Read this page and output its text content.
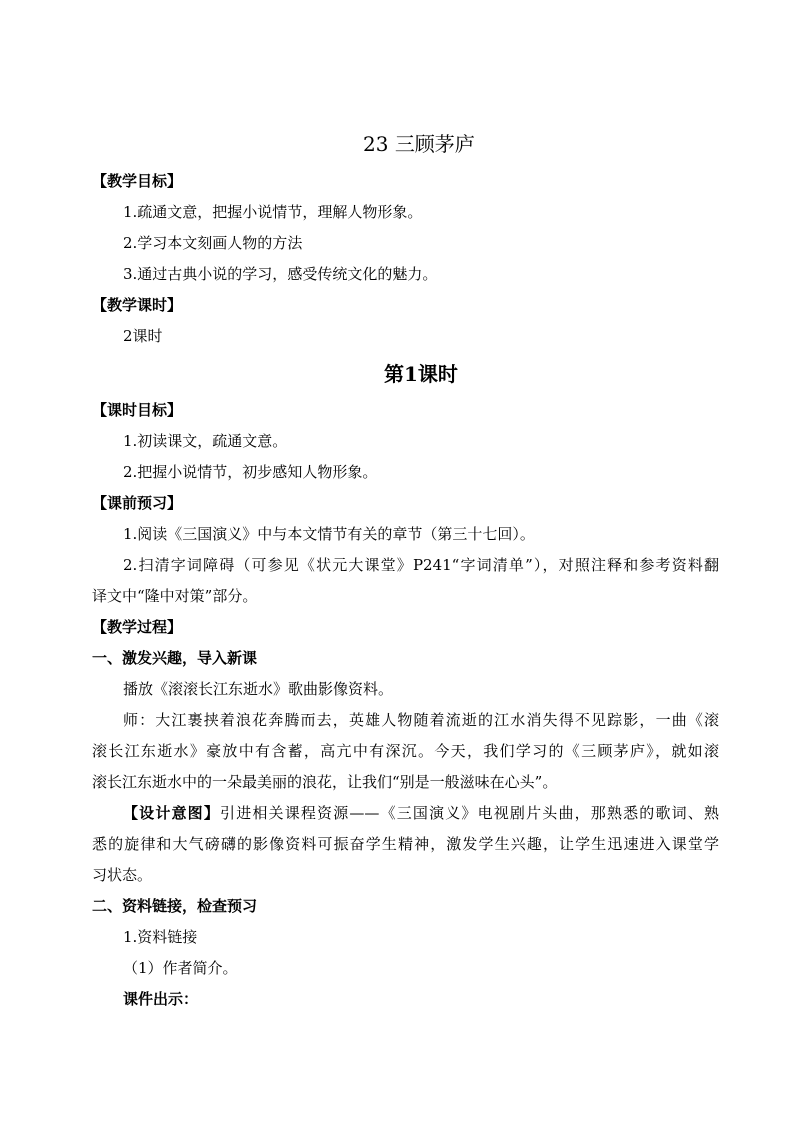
23 三顾茅庐
【教学目标】
1.疏通文意，把握小说情节，理解人物形象。
2.学习本文刻画人物的方法
3.通过古典小说的学习，感受传统文化的魅力。
【教学课时】
2课时
第1课时
【课时目标】
1.初读课文，疏通文意。
2.把握小说情节，初步感知人物形象。
【课前预习】
1.阅读《三国演义》中与本文情节有关的章节（第三十七回）。
2.扫清字词障碍（可参见《状元大课堂》P241“字词清单”），对照注释和参考资料翻
译文中“隆中对策”部分。
【教学过程】
一、激发兴趣，导入新课
播放《滚滚长江东逝水》歌曲影像资料。
师：大江裹挟着浪花奔腾而去，英雄人物随着流逝的江水消失得不见踪影，一曲《滚
滚长江东逝水》豪放中有含蓄，高亢中有深沉。今天，我们学习的《三顾茅庐》，就如滚
滚长江东逝水中的一朵最美丽的浪花，让我们“别是一般滋味在心头”。
【设计意图】引进相关课程资源——《三国演义》电视剧片头曲，那熟悉的歌词、熟
悉的旋律和大气磅礴的影像资料可振奋学生精神，激发学生兴趣，让学生迅速进入课堂学
习状态。
二、资料链接，检查预习
1.资料链接
（1）作者简介。
课件出示：
